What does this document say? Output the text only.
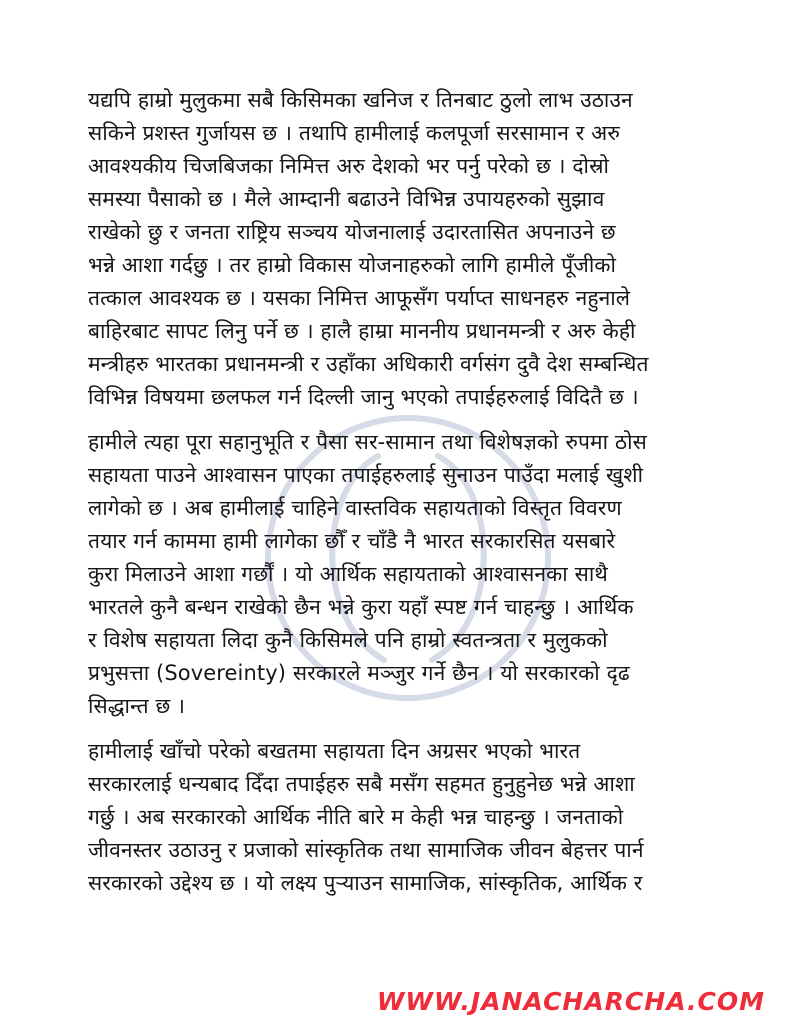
यद्यपि हाम्रो मुलुकमा सबै किसिमका खनिज र तिनबाट ठुलो लाभ उठाउन
सकिने प्रशस्त गुर्जायस छ । तथापि हामीलाई कलपूर्जा सरसामान र अरु
आवश्यकीय चिजबिजका निमित्त अरु देशको भर पर्नु परेको छ । दोस्रो
समस्या पैसाको छ । मैले आम्दानी बढाउने विभिन्न उपायहरुको सुझाव
राखेको छु र जनता राष्ट्रिय सञ्चय योजनालाई उदारतासित अपनाउने छ
भन्ने आशा गर्दछु । तर हाम्रो विकास योजनाहरुको लागि हामीले पूँजीको
तत्काल आवश्यक छ । यसका निमित्त आफूसँग पर्याप्त साधनहरु नहुनाले
बाहिरबाट सापट लिनु पर्ने छ । हालै हाम्रा माननीय प्रधानमन्त्री र अरु केही
मन्त्रीहरु भारतका प्रधानमन्त्री र उहाँका अधिकारी वर्गसंग दुवै देश सम्बन्धित
विभिन्न विषयमा छलफल गर्न दिल्ली जानु भएको तपाईहरुलाई विदितै छ ।

हामीले त्यहा पूरा सहानुभूति र पैसा सर-सामान तथा विशेषज्ञको रुपमा ठोस
सहायता पाउने आश्वासन पाएका तपाईहरुलाई सुनाउन पाउँदा मलाई खुशी
लागेको छ । अब हामीलाई चाहिने वास्तविक सहायताको विस्तृत विवरण
तयार गर्न काममा हामी लागेका छौँ र चाँडै नै भारत सरकारसित यसबारे
कुरा मिलाउने आशा गर्छौं । यो आर्थिक सहायताको आश्वासनका साथै
भारतले कुनै बन्धन राखेको छैन भन्ने कुरा यहाँ स्पष्ट गर्न चाहन्छु । आर्थिक
र विशेष सहायता लिदा कुनै किसिमले पनि हाम्रो स्वतन्त्रता र मुलुकको
प्रभुसत्ता (Sovereinty) सरकारले मञ्जुर गर्ने छैन । यो सरकारको दृढ
सिद्धान्त छ ।

हामीलाई खाँचो परेको बखतमा सहायता दिन अग्रसर भएको भारत
सरकारलाई धन्यबाद दिँदा तपाईहरु सबै मसँग सहमत हुनुहुनेछ भन्ने आशा
गर्छु । अब सरकारको आर्थिक नीति बारे म केही भन्न चाहन्छु । जनताको
जीवनस्तर उठाउनु र प्रजाको सांस्कृतिक तथा सामाजिक जीवन बेहत्तर पार्न
सरकारको उद्देश्य छ । यो लक्ष्य पुऱ्याउन सामाजिक, सांस्कृतिक, आर्थिक र

WWW.JANACHARCHA.COM
